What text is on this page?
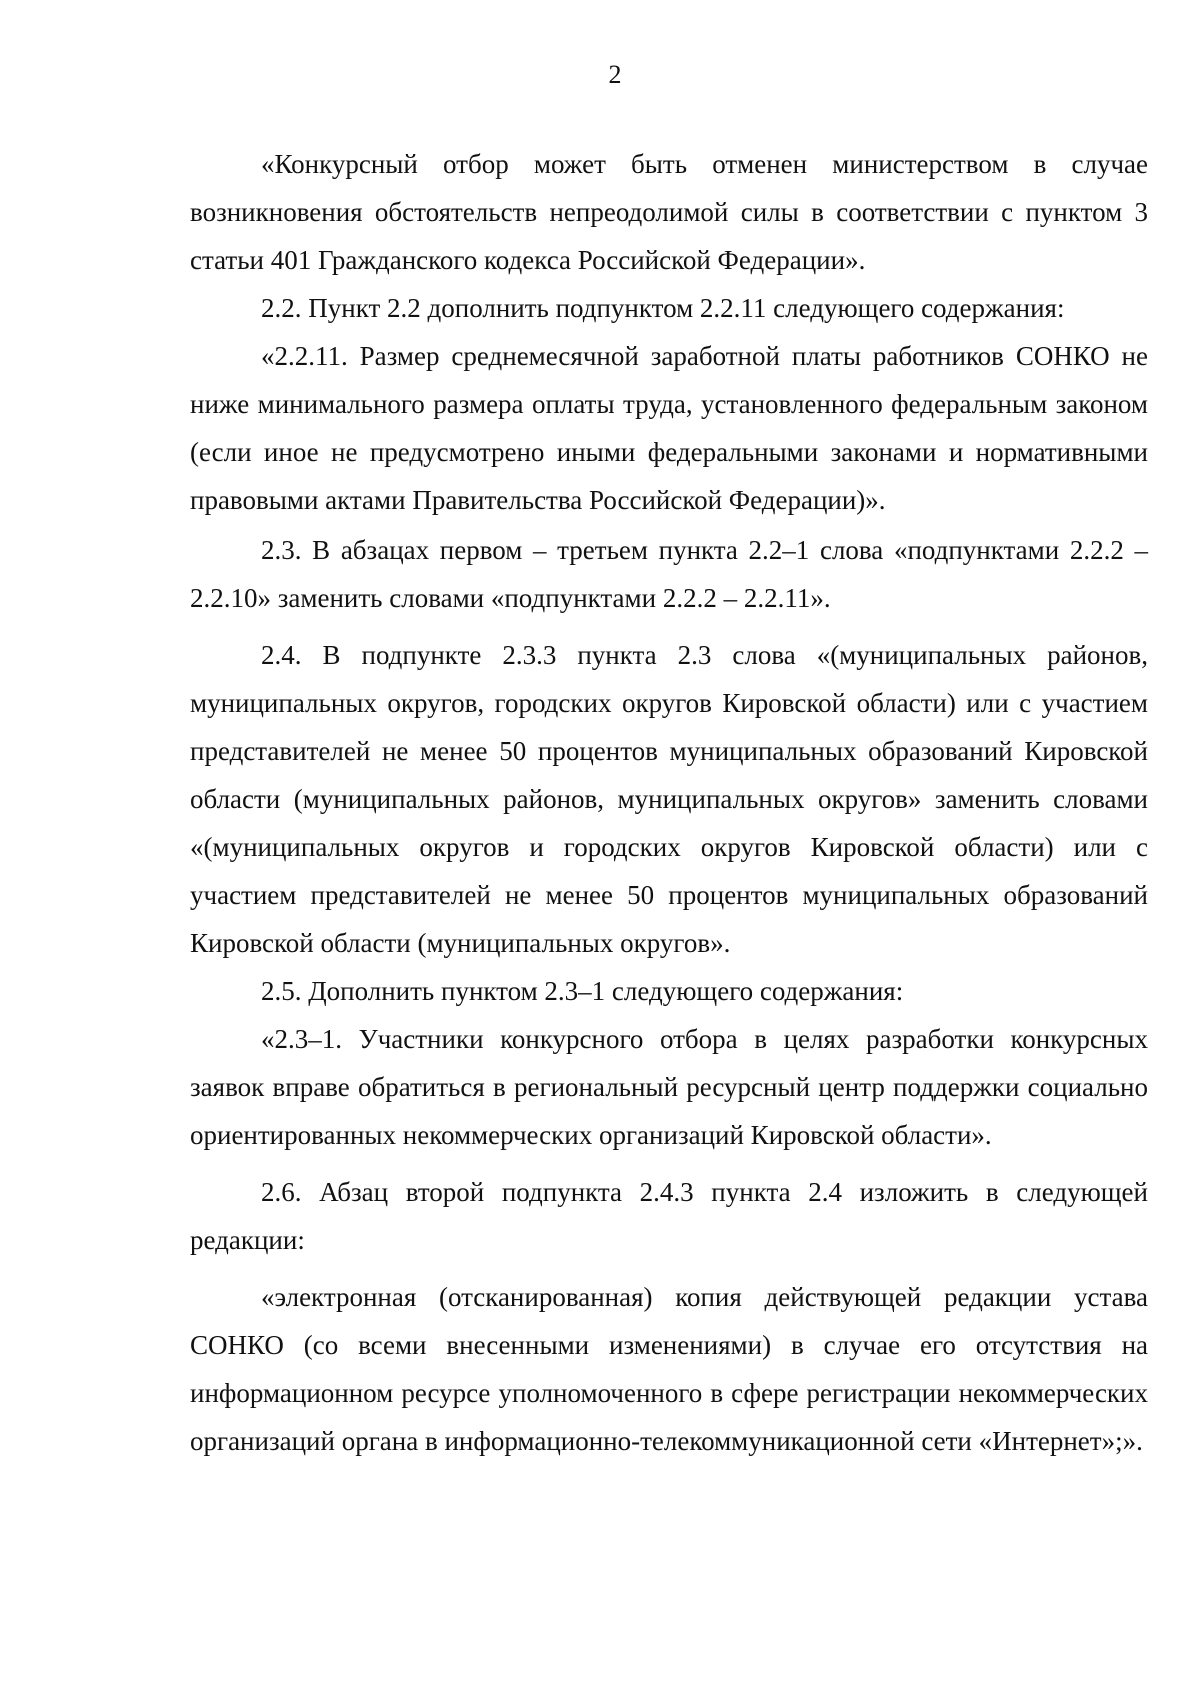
2

«Конкурсный отбор может быть отменен министерством в случае возникновения обстоятельств непреодолимой силы в соответствии с пунктом 3 статьи 401 Гражданского кодекса Российской Федерации».

2.2. Пункт 2.2 дополнить подпунктом 2.2.11 следующего содержания:

«2.2.11. Размер среднемесячной заработной платы работников СОНКО не ниже минимального размера оплаты труда, установленного федеральным законом (если иное не предусмотрено иными федеральными законами и нормативными правовыми актами Правительства Российской Федерации)».

2.3. В абзацах первом – третьем пункта 2.2–1 слова «подпунктами 2.2.2 – 2.2.10» заменить словами «подпунктами 2.2.2 – 2.2.11».

2.4. В подпункте 2.3.3 пункта 2.3 слова «(муниципальных районов, муниципальных округов, городских округов Кировской области) или с участием представителей не менее 50 процентов муниципальных образований Кировской области (муниципальных районов, муниципальных округов» заменить словами «(муниципальных округов и городских округов Кировской области) или с участием представителей не менее 50 процентов муниципальных образований Кировской области (муниципальных округов».

2.5. Дополнить пунктом 2.3–1 следующего содержания:

«2.3–1. Участники конкурсного отбора в целях разработки конкурсных заявок вправе обратиться в региональный ресурсный центр поддержки социально ориентированных некоммерческих организаций Кировской области».

2.6. Абзац второй подпункта 2.4.3 пункта 2.4 изложить в следующей редакции:

«электронная (отсканированная) копия действующей редакции устава СОНКО (со всеми внесенными изменениями) в случае его отсутствия на информационном ресурсе уполномоченного в сфере регистрации некоммерческих организаций органа в информационно-телекоммуникационной сети «Интернет»;».
